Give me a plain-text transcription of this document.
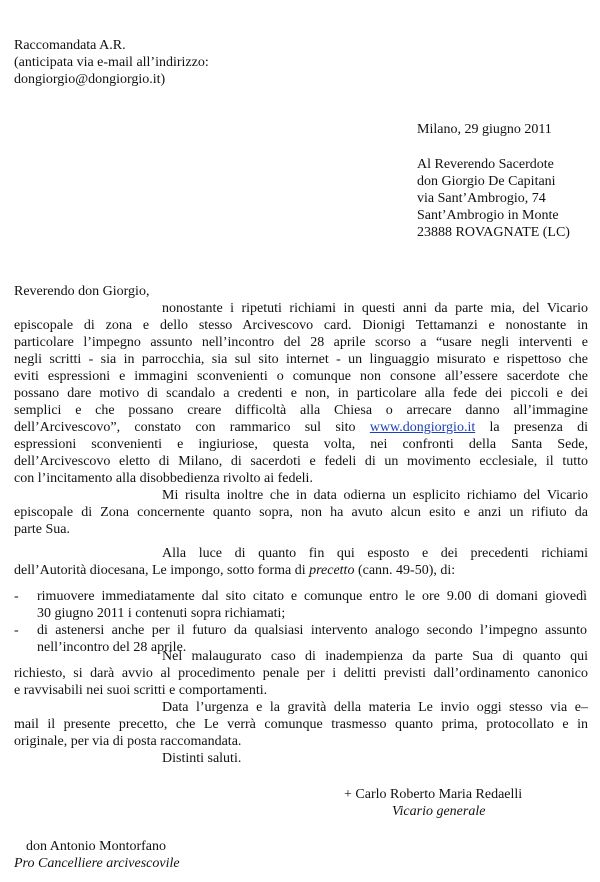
Raccomandata A.R.
(anticipata via e-mail all’indirizzo:
dongiorgio@dongiorgio.it)
Milano, 29 giugno 2011
Al Reverendo Sacerdote
don Giorgio De Capitani
via Sant’Ambrogio, 74
Sant’Ambrogio in Monte
23888 ROVAGNATE (LC)
Reverendo don Giorgio,
nonostante i ripetuti richiami in questi anni da parte mia, del Vicario
episcopale di zona e dello stesso Arcivescovo card. Dionigi Tettamanzi e nonostante in
particolare l’impegno assunto nell’incontro del 28 aprile scorso a “usare negli interventi e
negli scritti - sia in parrocchia, sia sul sito internet - un linguaggio misurato e rispettoso che
eviti espressioni e immagini sconvenienti o comunque non consone all’essere sacerdote che
possano dare motivo di scandalo a credenti e non, in particolare alla fede dei piccoli e dei
semplici e che possano creare difficoltà alla Chiesa o arrecare danno all’immagine
dell’Arcivescovo”, constato con rammarico sul sito www.dongiorgio.it la presenza di
espressioni sconvenienti e ingiuriose, questa volta, nei confronti della Santa Sede,
dell’Arcivescovo eletto di Milano, di sacerdoti e fedeli di un movimento ecclesiale, il tutto
con l’incitamento alla disobbedienza rivolto ai fedeli.
Mi risulta inoltre che in data odierna un esplicito richiamo del Vicario
episcopale di Zona concernente quanto sopra, non ha avuto alcun esito e anzi un rifiuto da
parte Sua.
Alla luce di quanto fin qui esposto e dei precedenti richiami
dell’Autorità diocesana, Le impongo, sotto forma di precetto (cann. 49-50), di:
-	rimuovere immediatamente dal sito citato e comunque entro le ore 9.00 di domani giovedì
30 giugno 2011 i contenuti sopra richiamati;
-	di astenersi anche per il futuro da qualsiasi intervento analogo secondo l’impegno assunto
nell’incontro del 28 aprile.
Nel malaugurato caso di inadempienza da parte Sua di quanto qui
richiesto, si darà avvio al procedimento penale per i delitti previsti dall’ordinamento canonico
e ravvisabili nei suoi scritti e comportamenti.
Data l’urgenza e la gravità della materia Le invio oggi stesso via e–
mail il presente precetto, che Le verrà comunque trasmesso quanto prima, protocollato e in
originale, per via di posta raccomandata.
Distinti saluti.
+ Carlo Roberto Maria Redaelli
Vicario generale
don Antonio Montorfano
Pro Cancelliere arcivescovile
